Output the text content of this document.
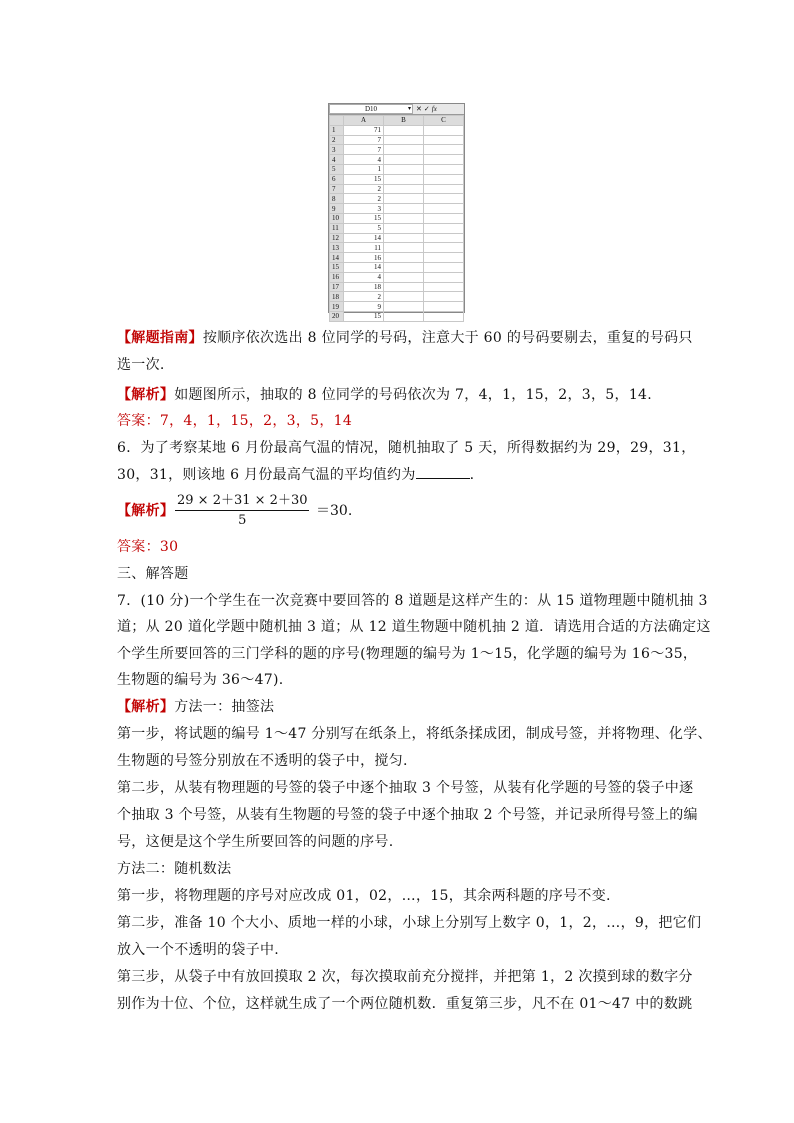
D10	▾ ✕ ✓ fx
	A	B	C
1	71		
2	7		
3	7		
4	4		
5	1		
6	15		
7	2		
8	2		
9	3		
10	15		
11	5		
12	14		
13	11		
14	16		
15	14		
16	4		
17	18		
18	2		
19	9		
20	15		
【解题指南】按顺序依次选出 8 位同学的号码，注意大于 60 的号码要剔去，重复的号码只
选一次.
【解析】如题图所示，抽取的 8 位同学的号码依次为 7，4，1，15，2，3，5，14.
答案：7，4，1，15，2，3，5，14
6．为了考察某地 6 月份最高气温的情况，随机抽取了 5 天，所得数据约为 29，29，31，
30，31，则该地 6 月份最高气温的平均值约为	.
【解析】 $\frac{29 \times 2+31 \times 2+30}{5} =30$.
答案：30
三、解答题
7．(10 分)一个学生在一次竞赛中要回答的 8 道题是这样产生的：从 15 道物理题中随机抽 3
道；从 20 道化学题中随机抽 3 道；从 12 道生物题中随机抽 2 道．请选用合适的方法确定这
个学生所要回答的三门学科的题的序号(物理题的编号为 1～15，化学题的编号为 16～35，
生物题的编号为 36～47).
【解析】方法一：抽签法
第一步，将试题的编号 1～47 分别写在纸条上，将纸条揉成团，制成号签，并将物理、化学、
生物题的号签分别放在不透明的袋子中，搅匀.
第二步，从装有物理题的号签的袋子中逐个抽取 3 个号签，从装有化学题的号签的袋子中逐
个抽取 3 个号签，从装有生物题的号签的袋子中逐个抽取 2 个号签，并记录所得号签上的编
号，这便是这个学生所要回答的问题的序号.
方法二：随机数法
第一步，将物理题的序号对应改成 01，02，…，15，其余两科题的序号不变.
第二步，准备 10 个大小、质地一样的小球，小球上分别写上数字 0，1，2，…，9，把它们
放入一个不透明的袋子中.
第三步，从袋子中有放回摸取 2 次，每次摸取前充分搅拌，并把第 1，2 次摸到球的数字分
别作为十位、个位，这样就生成了一个两位随机数．重复第三步，凡不在 01～47 中的数跳
